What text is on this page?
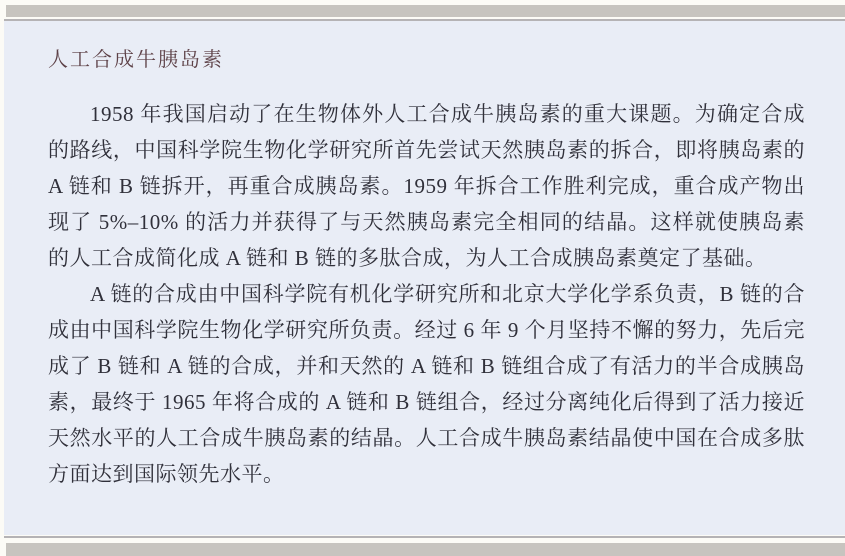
人工合成牛胰岛素

1958 年我国启动了在生物体外人工合成牛胰岛素的重大课题。为确定合成的路线，中国科学院生物化学研究所首先尝试天然胰岛素的拆合，即将胰岛素的 A 链和 B 链拆开，再重合成胰岛素。1959 年拆合工作胜利完成，重合成产物出现了 5%–10% 的活力并获得了与天然胰岛素完全相同的结晶。这样就使胰岛素的人工合成简化成 A 链和 B 链的多肽合成，为人工合成胰岛素奠定了基础。

A 链的合成由中国科学院有机化学研究所和北京大学化学系负责，B 链的合成由中国科学院生物化学研究所负责。经过 6 年 9 个月坚持不懈的努力，先后完成了 B 链和 A 链的合成，并和天然的 A 链和 B 链组合成了有活力的半合成胰岛素，最终于 1965 年将合成的 A 链和 B 链组合，经过分离纯化后得到了活力接近天然水平的人工合成牛胰岛素的结晶。人工合成牛胰岛素结晶使中国在合成多肽方面达到国际领先水平。
